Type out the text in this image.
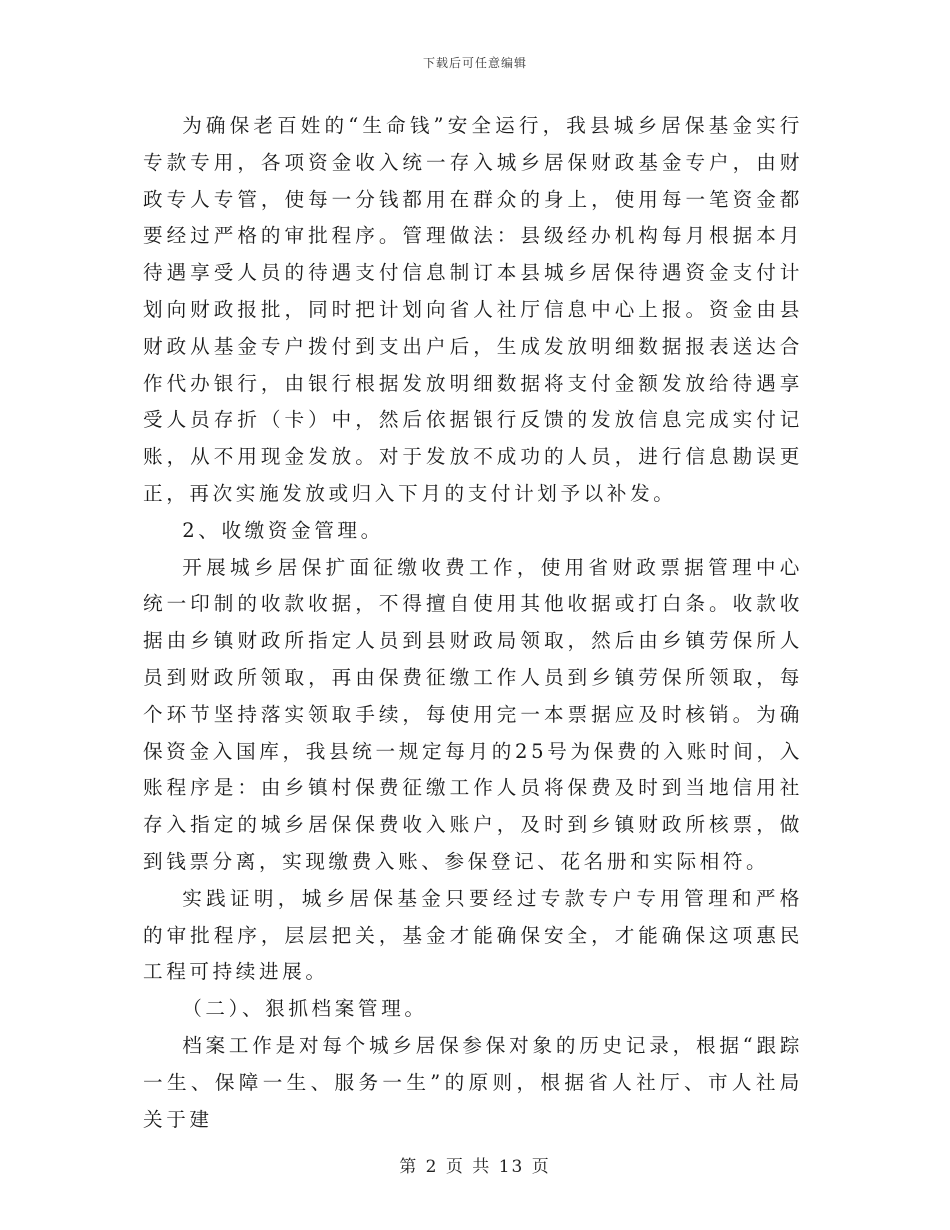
下载后可任意编辑

为确保老百姓的“生命钱”安全运行，我县城乡居保基金实行专款专用，各项资金收入统一存入城乡居保财政基金专户，由财政专人专管，使每一分钱都用在群众的身上，使用每一笔资金都要经过严格的审批程序。管理做法：县级经办机构每月根据本月待遇享受人员的待遇支付信息制订本县城乡居保待遇资金支付计划向财政报批，同时把计划向省人社厅信息中心上报。资金由县财政从基金专户拨付到支出户后，生成发放明细数据报表送达合作代办银行，由银行根据发放明细数据将支付金额发放给待遇享受人员存折（卡）中，然后依据银行反馈的发放信息完成实付记账，从不用现金发放。对于发放不成功的人员，进行信息勘误更正，再次实施发放或归入下月的支付计划予以补发。

2、收缴资金管理。

开展城乡居保扩面征缴收费工作，使用省财政票据管理中心统一印制的收款收据，不得擅自使用其他收据或打白条。收款收据由乡镇财政所指定人员到县财政局领取，然后由乡镇劳保所人员到财政所领取，再由保费征缴工作人员到乡镇劳保所领取，每个环节坚持落实领取手续，每使用完一本票据应及时核销。为确保资金入国库，我县统一规定每月的25号为保费的入账时间，入账程序是：由乡镇村保费征缴工作人员将保费及时到当地信用社存入指定的城乡居保保费收入账户，及时到乡镇财政所核票，做到钱票分离，实现缴费入账、参保登记、花名册和实际相符。

实践证明，城乡居保基金只要经过专款专户专用管理和严格的审批程序，层层把关，基金才能确保安全，才能确保这项惠民工程可持续进展。

（二）、狠抓档案管理。

档案工作是对每个城乡居保参保对象的历史记录，根据“跟踪一生、保障一生、服务一生”的原则，根据省人社厅、市人社局关于建

第 2 页 共 13 页
